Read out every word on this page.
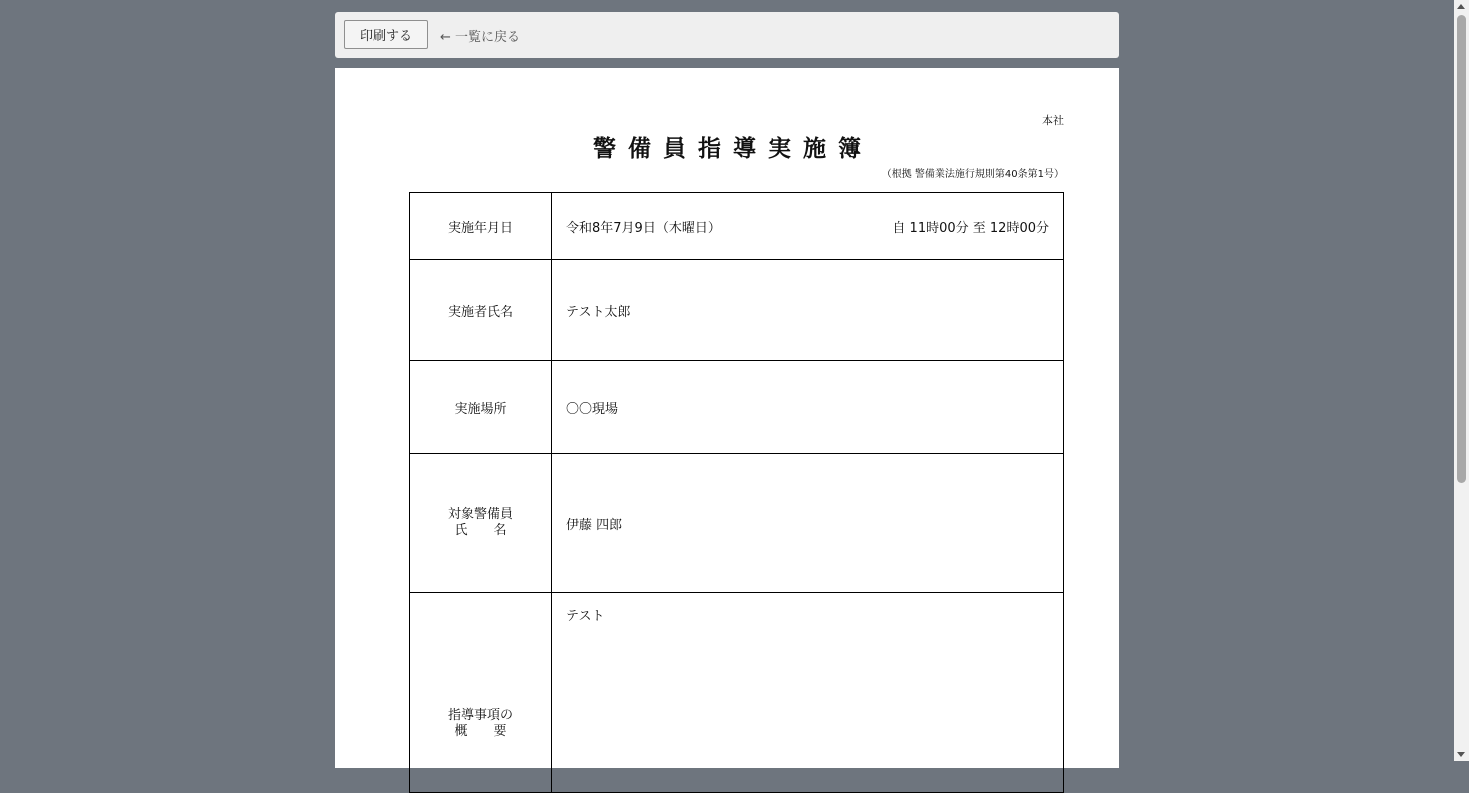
印刷する	← 一覧に戻る
本社
警備員指導実施簿
（根拠 警備業法施行規則第40条第1号）
実施年月日	令和8年7月9日（木曜日） 自 11時00分 至 12時00分

実施者氏名	テスト太郎
実施場所	〇〇現場
対象警備員
氏　　名	伊藤 四郎
指導事項の
概　　要	テスト
